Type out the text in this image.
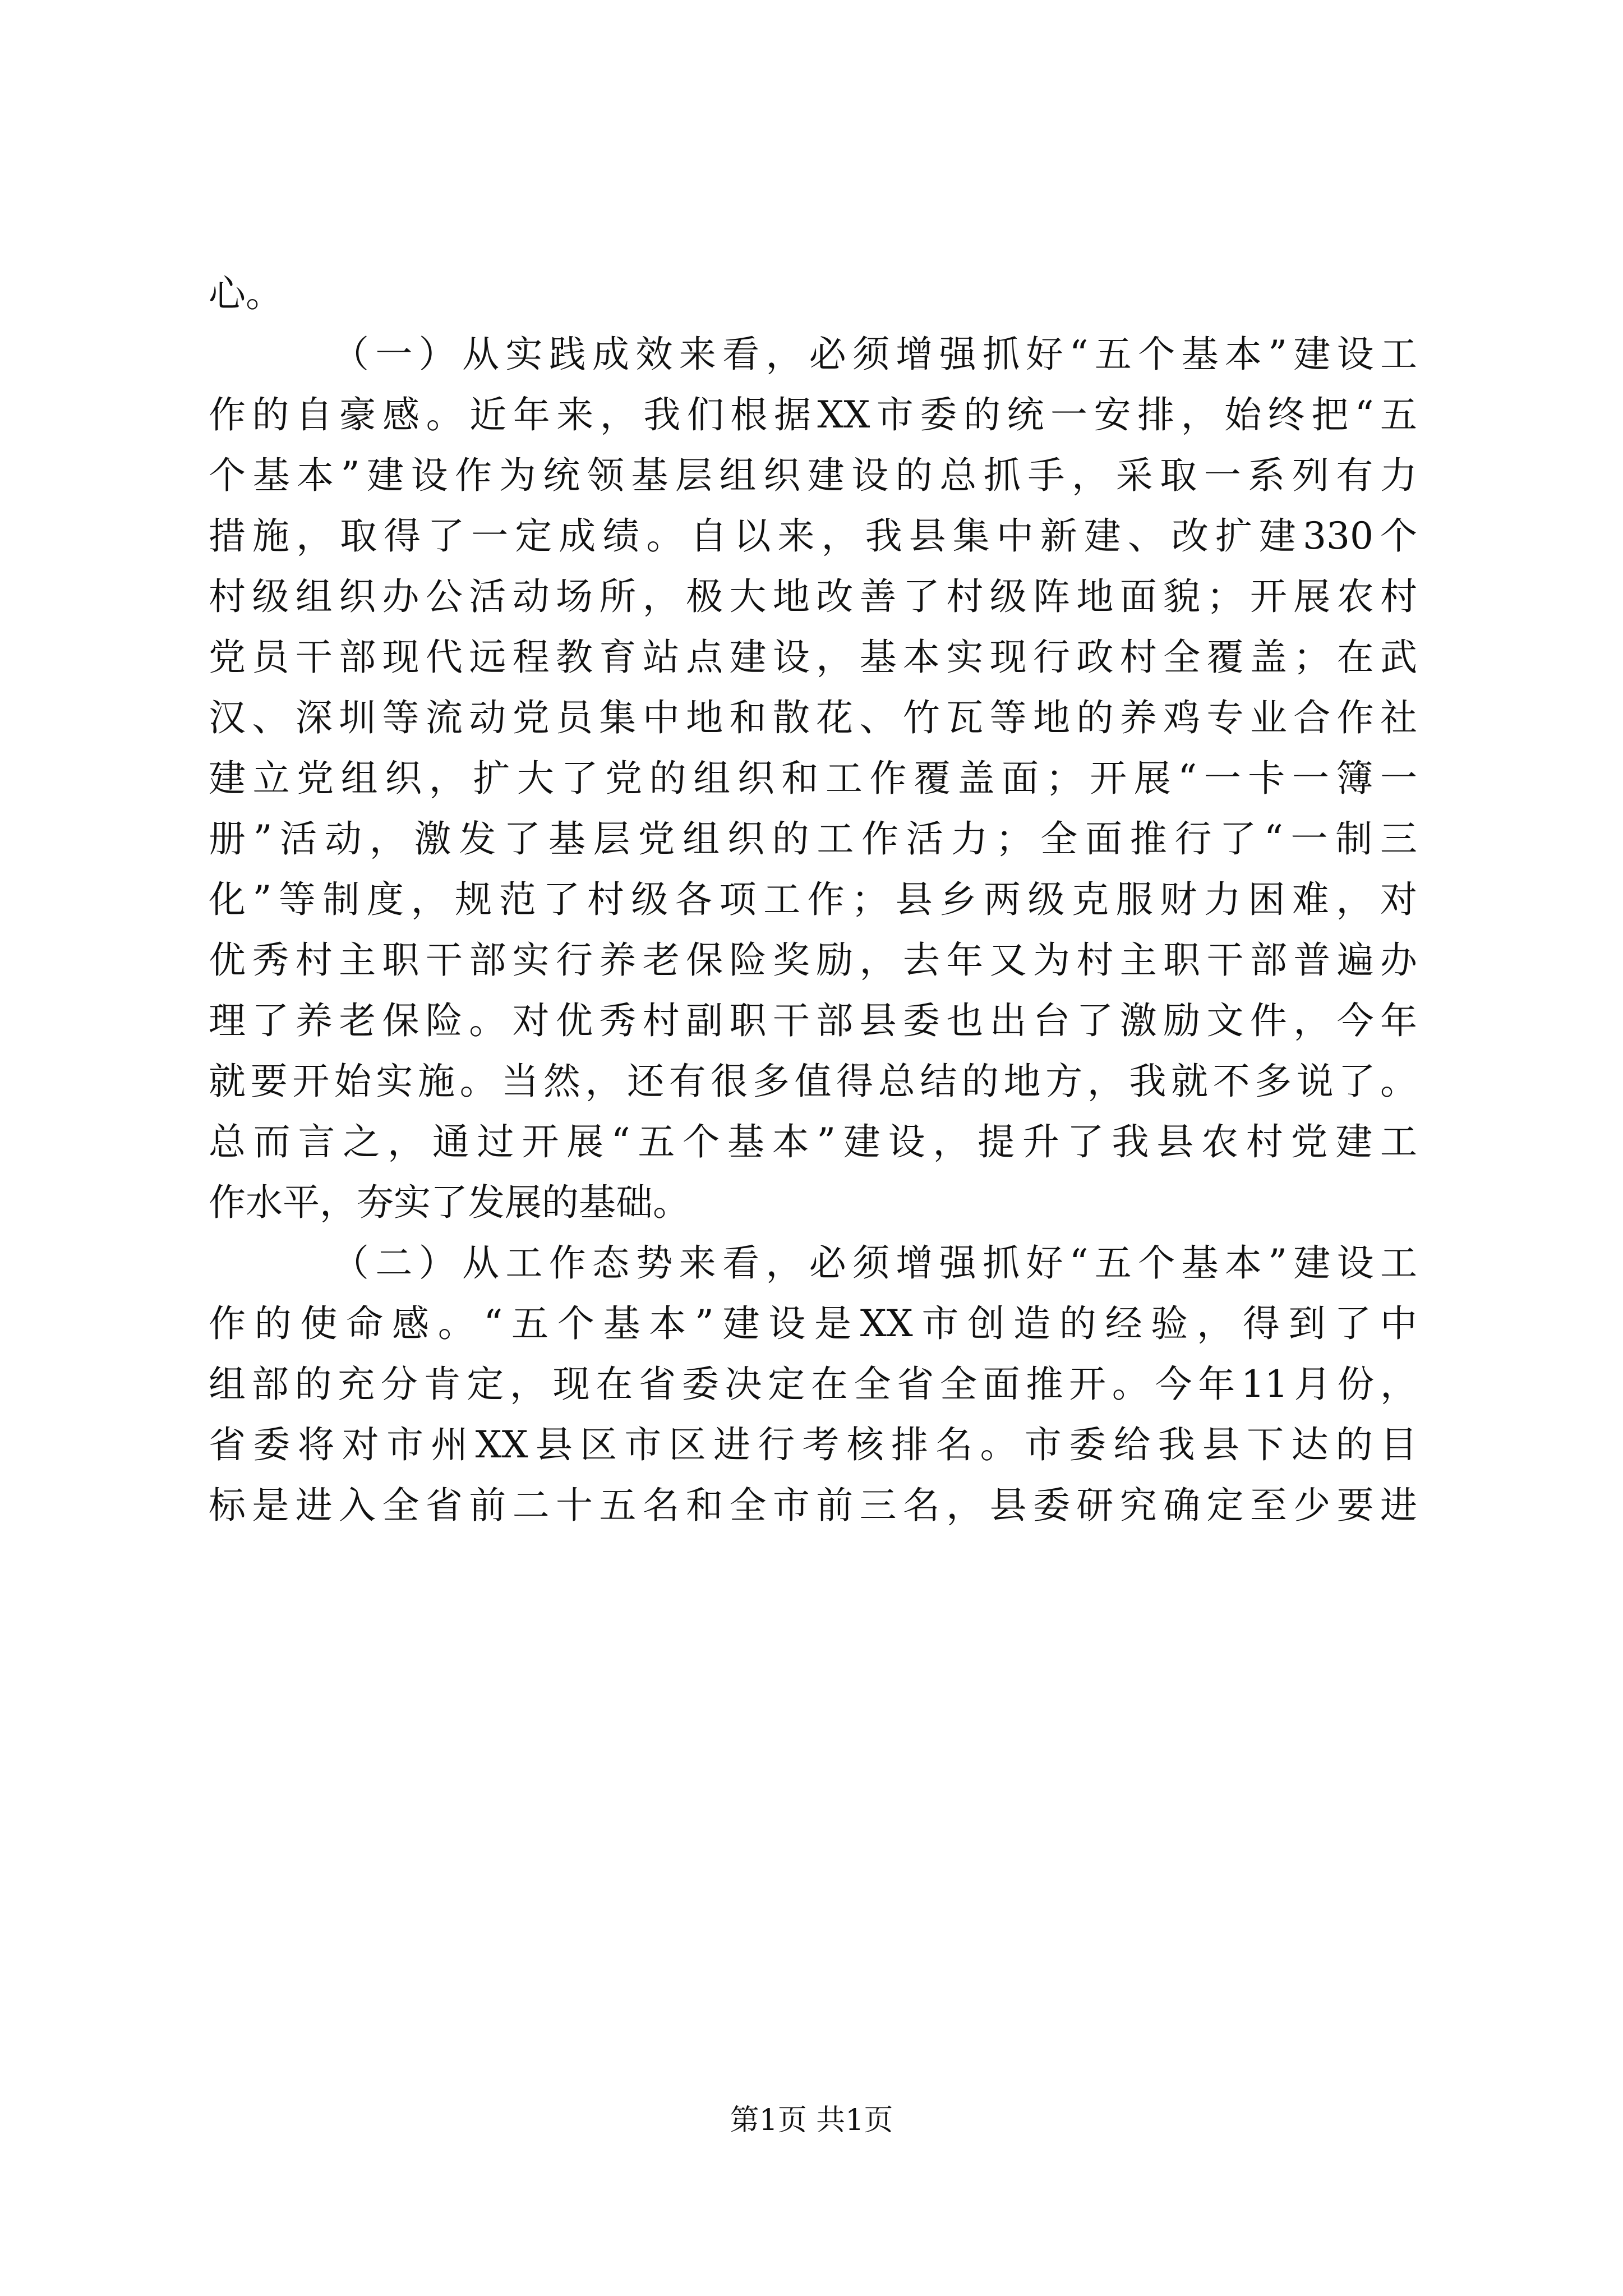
心。
（一）从实践成效来看，必须增强抓好“五个基本”建设工
作的自豪感。近年来，我们根据XX市委的统一安排，始终把“五
个基本”建设作为统领基层组织建设的总抓手，采取一系列有力
措施，取得了一定成绩。自以来，我县集中新建、改扩建330个
村级组织办公活动场所，极大地改善了村级阵地面貌；开展农村
党员干部现代远程教育站点建设，基本实现行政村全覆盖；在武
汉、深圳等流动党员集中地和散花、竹瓦等地的养鸡专业合作社
建立党组织，扩大了党的组织和工作覆盖面；开展“一卡一簿一
册”活动，激发了基层党组织的工作活力；全面推行了“一制三
化”等制度，规范了村级各项工作；县乡两级克服财力困难，对
优秀村主职干部实行养老保险奖励，去年又为村主职干部普遍办
理了养老保险。对优秀村副职干部县委也出台了激励文件，今年
就要开始实施。当然，还有很多值得总结的地方，我就不多说了。
总而言之，通过开展“五个基本”建设，提升了我县农村党建工
作水平，夯实了发展的基础。
（二）从工作态势来看，必须增强抓好“五个基本”建设工
作的使命感。“五个基本”建设是XX市创造的经验，得到了中
组部的充分肯定，现在省委决定在全省全面推开。今年11月份，
省委将对市州XX县区市区进行考核排名。市委给我县下达的目
标是进入全省前二十五名和全市前三名，县委研究确定至少要进
第1页 共1页
